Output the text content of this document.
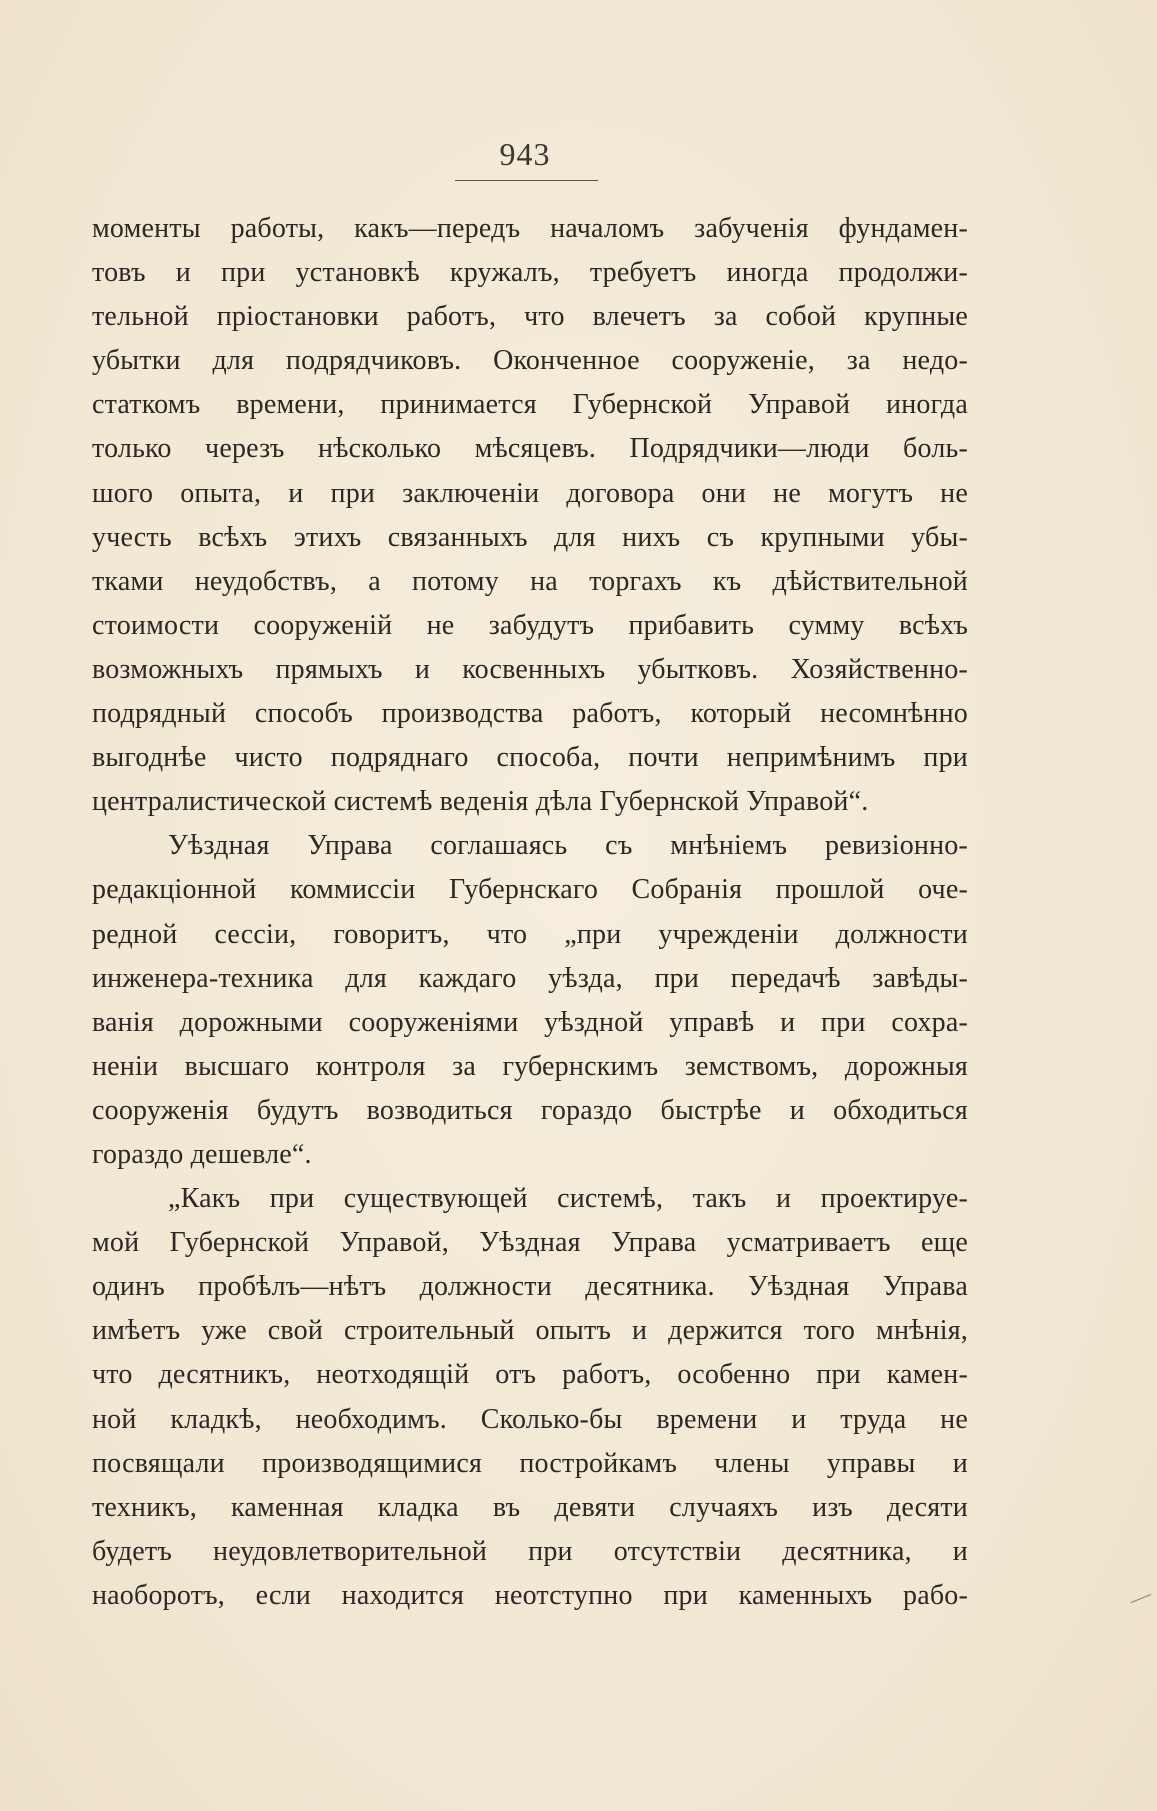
943
моменты работы, какъ—передъ началомъ забученія фундамен-
товъ и при установкѣ кружалъ, требуетъ иногда продолжи-
тельной пріостановки работъ, что влечетъ за собой крупные
убытки для подрядчиковъ. Оконченное сооруженіе, за недо-
статкомъ времени, принимается Губернской Управой иногда
только черезъ нѣсколько мѣсяцевъ. Подрядчики—люди боль-
шого опыта, и при заключеніи договора они не могутъ не
учесть всѣхъ этихъ связанныхъ для нихъ съ крупными убы-
тками неудобствъ, а потому на торгахъ къ дѣйствительной
стоимости сооруженій не забудутъ прибавить сумму всѣхъ
возможныхъ прямыхъ и косвенныхъ убытковъ. Хозяйственно-
подрядный способъ производства работъ, который несомнѣнно
выгоднѣе чисто подряднаго способа, почти непримѣнимъ при
централистической системѣ веденія дѣла Губернской Управой“.
Уѣздная Управа соглашаясь съ мнѣніемъ ревизіонно-
редакціонной коммиссіи Губернскаго Собранія прошлой оче-
редной сессіи, говоритъ, что „при учрежденіи должности
инженера-техника для каждаго уѣзда, при передачѣ завѣды-
ванія дорожными сооруженіями уѣздной управѣ и при сохра-
неніи высшаго контроля за губернскимъ земствомъ, дорожныя
сооруженія будутъ возводиться гораздо быстрѣе и обходиться
гораздо дешевле“.
„Какъ при существующей системѣ, такъ и проектируе-
мой Губернской Управой, Уѣздная Управа усматриваетъ еще
одинъ пробѣлъ—нѣтъ должности десятника. Уѣздная Управа
имѣетъ уже свой строительный опытъ и держится того мнѣнія,
что десятникъ, неотходящій отъ работъ, особенно при камен-
ной кладкѣ, необходимъ. Сколько-бы времени и труда не
посвящали производящимися постройкамъ члены управы и
техникъ, каменная кладка въ девяти случаяхъ изъ десяти
будетъ неудовлетворительной при отсутствіи десятника, и
наоборотъ, если находится неотступно при каменныхъ рабо-
